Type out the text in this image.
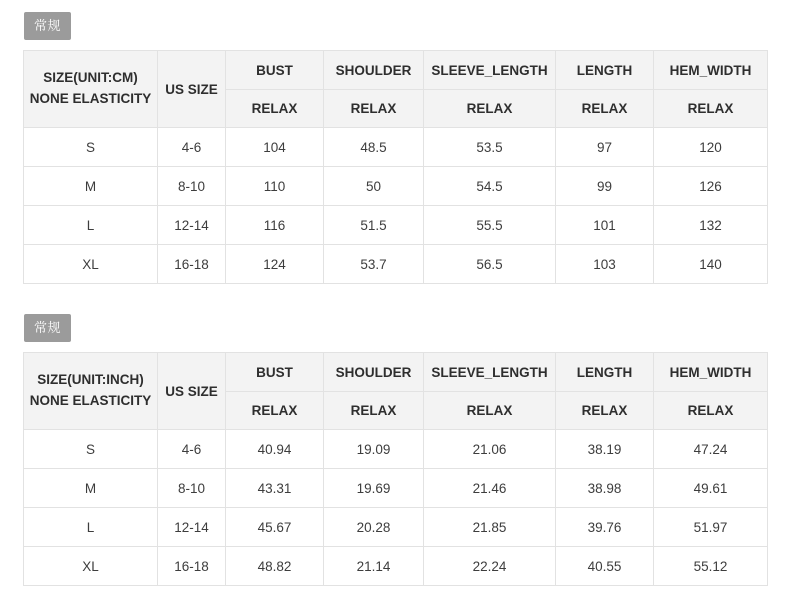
常规
SIZE(UNIT:CM)
NONE ELASTICITY	US SIZE	BUST	SHOULDER	SLEEVE_LENGTH	LENGTH	HEM_WIDTH
		RELAX	RELAX	RELAX	RELAX	RELAX
S	4-6	104	48.5	53.5	97	120
M	8-10	110	50	54.5	99	126
L	12-14	116	51.5	55.5	101	132
XL	16-18	124	53.7	56.5	103	140
常规
SIZE(UNIT:INCH)
NONE ELASTICITY	US SIZE	BUST	SHOULDER	SLEEVE_LENGTH	LENGTH	HEM_WIDTH
		RELAX	RELAX	RELAX	RELAX	RELAX
S	4-6	40.94	19.09	21.06	38.19	47.24
M	8-10	43.31	19.69	21.46	38.98	49.61
L	12-14	45.67	20.28	21.85	39.76	51.97
XL	16-18	48.82	21.14	22.24	40.55	55.12
